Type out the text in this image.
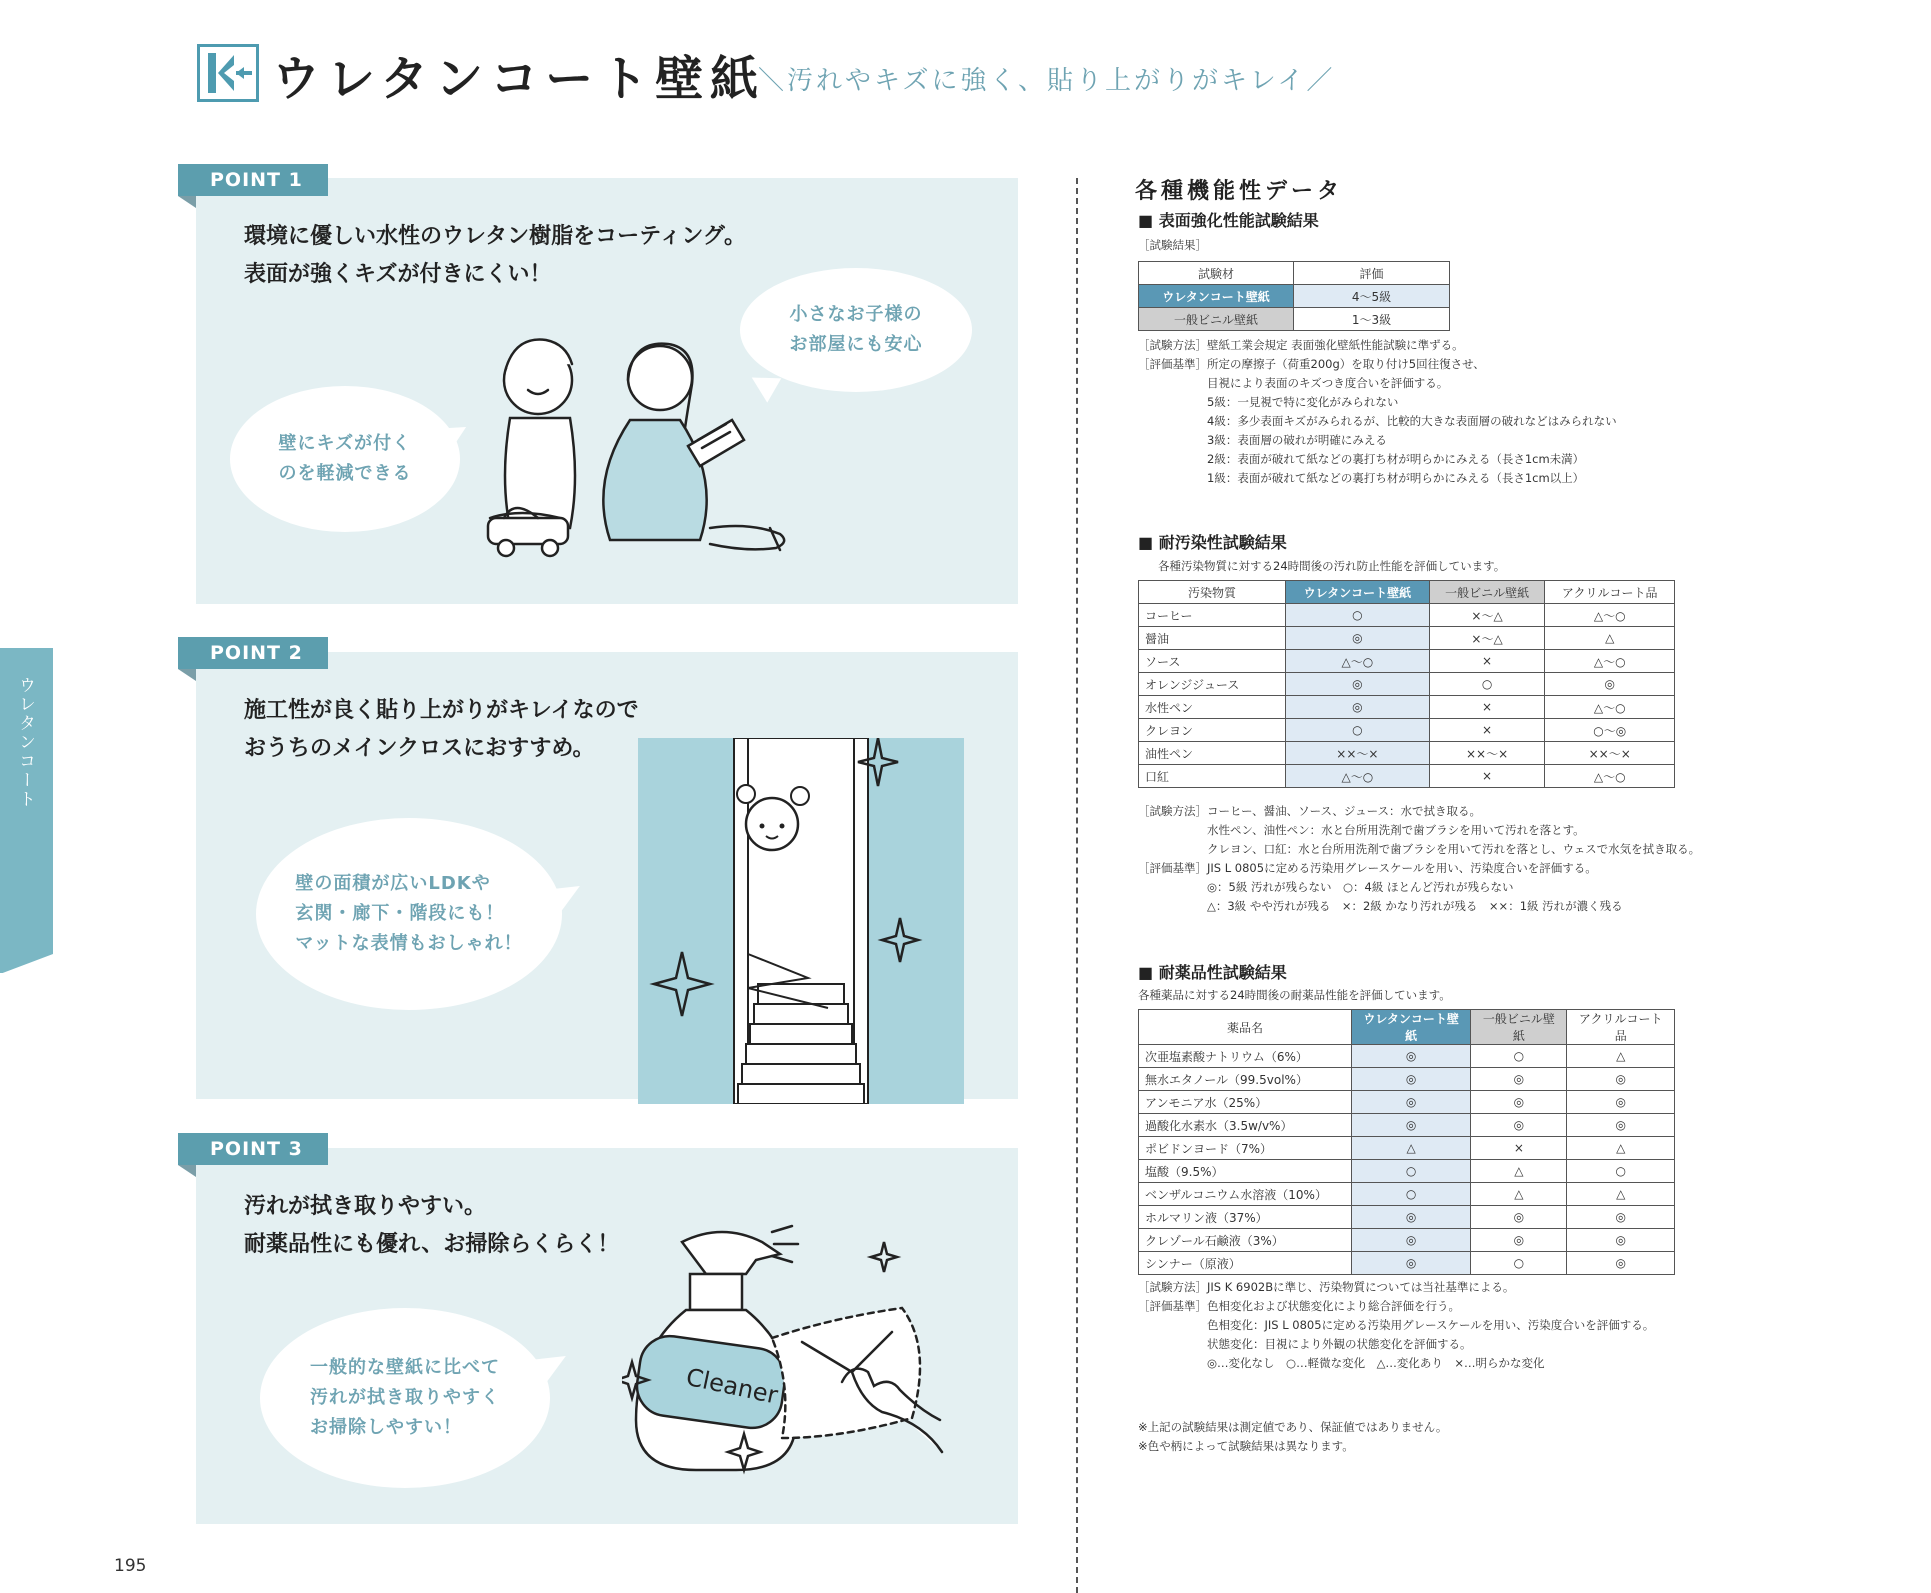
ウレタンコート壁紙
＼汚れやキズに強く、貼り上がりがキレイ／
ウレタンコート
POINT 1
環境に優しい水性のウレタン樹脂をコーティング。
表面が強くキズが付きにくい！
小さなお子様の
お部屋にも安心
壁にキズが付く
のを軽減できる
POINT 2
施工性が良く貼り上がりがキレイなので
おうちのメインクロスにおすすめ。
壁の面積が広いLDKや
玄関・廊下・階段にも！
マットな表情もおしゃれ！
POINT 3
汚れが拭き取りやすい。
耐薬品性にも優れ、お掃除らくらく！
一般的な壁紙に比べて
汚れが拭き取りやすく
お掃除しやすい！
Cleaner
195
各種機能性データ
■ 表面強化性能試験結果
［試験結果］
試験材	評価
ウレタンコート壁紙	4～5級
一般ビニル壁紙	1～3級
［試験方法］壁紙工業会規定 表面強化壁紙性能試験に準ずる。
［評価基準］所定の摩擦子（荷重200g）を取り付け5回往復させ、
　　　　　　目視により表面のキズつき度合いを評価する。
　　　　　　5級：一見視で特に変化がみられない
　　　　　　4級：多少表面キズがみられるが、比較的大きな表面層の破れなどはみられない
　　　　　　3級：表面層の破れが明確にみえる
　　　　　　2級：表面が破れて紙などの裏打ち材が明らかにみえる（長さ1cm未満）
　　　　　　1級：表面が破れて紙などの裏打ち材が明らかにみえる（長さ1cm以上）
■ 耐汚染性試験結果
各種汚染物質に対する24時間後の汚れ防止性能を評価しています。
汚染物質	ウレタンコート壁紙	一般ビニル壁紙	アクリルコート品
コーヒー	○	×～△	△～○
醤油	◎	×～△	△
ソース	△～○	×	△～○
オレンジジュース	◎	○	◎
水性ペン	◎	×	△～○
クレヨン	○	×	○～◎
油性ペン	××～×	××～×	××～×
口紅	△～○	×	△～○
［試験方法］コーヒー、醤油、ソース、ジュース：水で拭き取る。
　　　　　　水性ペン、油性ペン：水と台所用洗剤で歯ブラシを用いて汚れを落とす。
　　　　　　クレヨン、口紅：水と台所用洗剤で歯ブラシを用いて汚れを落とし、ウェスで水気を拭き取る。
［評価基準］JIS L 0805に定める汚染用グレースケールを用い、汚染度合いを評価する。
　　　　　　◎：5級 汚れが残らない　○：4級 ほとんど汚れが残らない
　　　　　　△：3級 やや汚れが残る　×：2級 かなり汚れが残る　××：1級 汚れが濃く残る
■ 耐薬品性試験結果
各種薬品に対する24時間後の耐薬品性能を評価しています。
薬品名	ウレタンコート壁紙	一般ビニル壁紙	アクリルコート品
次亜塩素酸ナトリウム（6%）	◎	○	△
無水エタノール（99.5vol%）	◎	◎	◎
アンモニア水（25%）	◎	◎	◎
過酸化水素水（3.5w/v%）	◎	◎	◎
ポビドンヨード（7%）	△	×	△
塩酸（9.5%）	○	△	○
ベンザルコニウム水溶液（10%）	○	△	△
ホルマリン液（37%）	◎	◎	◎
クレゾール石鹸液（3%）	◎	◎	◎
シンナー（原液）	◎	○	◎
［試験方法］JIS K 6902Bに準じ、汚染物質については当社基準による。
［評価基準］色相変化および状態変化により総合評価を行う。
　　　　　　色相変化：JIS L 0805に定める汚染用グレースケールを用い、汚染度合いを評価する。
　　　　　　状態変化：目視により外観の状態変化を評価する。
　　　　　　◎…変化なし　○…軽微な変化　△…変化あり　×…明らかな変化
※上記の試験結果は測定値であり、保証値ではありません。
※色や柄によって試験結果は異なります。
